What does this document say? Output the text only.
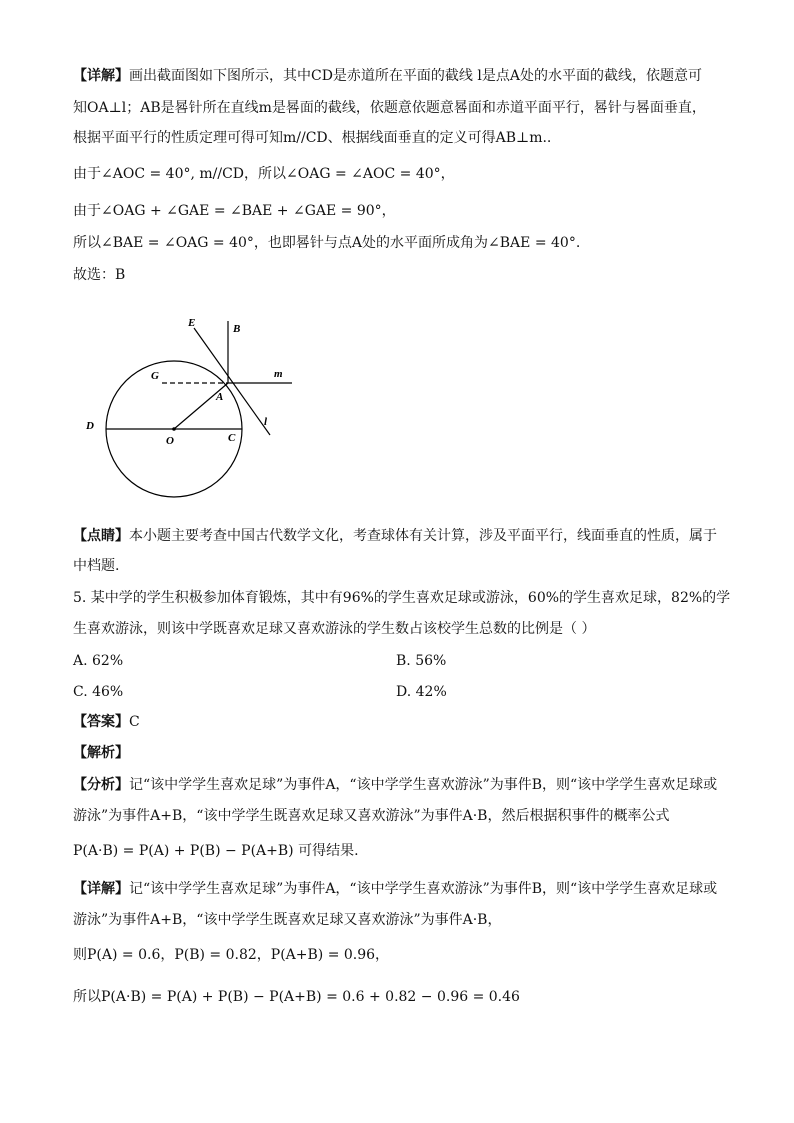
【详解】画出截面图如下图所示，其中CD是赤道所在平面的截线 l是点A处的水平面的截线，依题意可
知OA⊥l；AB是晷针所在直线m是晷面的截线，依题意依题意晷面和赤道平面平行，晷针与晷面垂直，
根据平面平行的性质定理可得可知m//CD、根据线面垂直的定义可得AB⊥m..
由于∠AOC = 40°, m//CD，所以∠OAG = ∠AOC = 40°，
由于∠OAG + ∠GAE = ∠BAE + ∠GAE = 90°，
所以∠BAE = ∠OAG = 40°，也即晷针与点A处的水平面所成角为∠BAE = 40°.
故选：B
E	B
G	m
A
l
D
O	C
【点睛】本小题主要考查中国古代数学文化，考查球体有关计算，涉及平面平行，线面垂直的性质，属于
中档题.
5. 某中学的学生积极参加体育锻炼，其中有96%的学生喜欢足球或游泳，60%的学生喜欢足球，82%的学
生喜欢游泳，则该中学既喜欢足球又喜欢游泳的学生数占该校学生总数的比例是（ ）
A. 62%	B. 56%
C. 46%	D. 42%
【答案】C
【解析】
【分析】记“该中学学生喜欢足球”为事件A，“该中学学生喜欢游泳”为事件B，则“该中学学生喜欢足球或
游泳”为事件A+B，“该中学学生既喜欢足球又喜欢游泳”为事件A·B，然后根据积事件的概率公式
P(A·B) = P(A) + P(B) − P(A+B) 可得结果.
【详解】记“该中学学生喜欢足球”为事件A，“该中学学生喜欢游泳”为事件B，则“该中学学生喜欢足球或
游泳”为事件A+B，“该中学学生既喜欢足球又喜欢游泳”为事件A·B，
则P(A) = 0.6，P(B) = 0.82，P(A+B) = 0.96，
所以P(A·B) = P(A) + P(B) − P(A+B) = 0.6 + 0.82 − 0.96 = 0.46
